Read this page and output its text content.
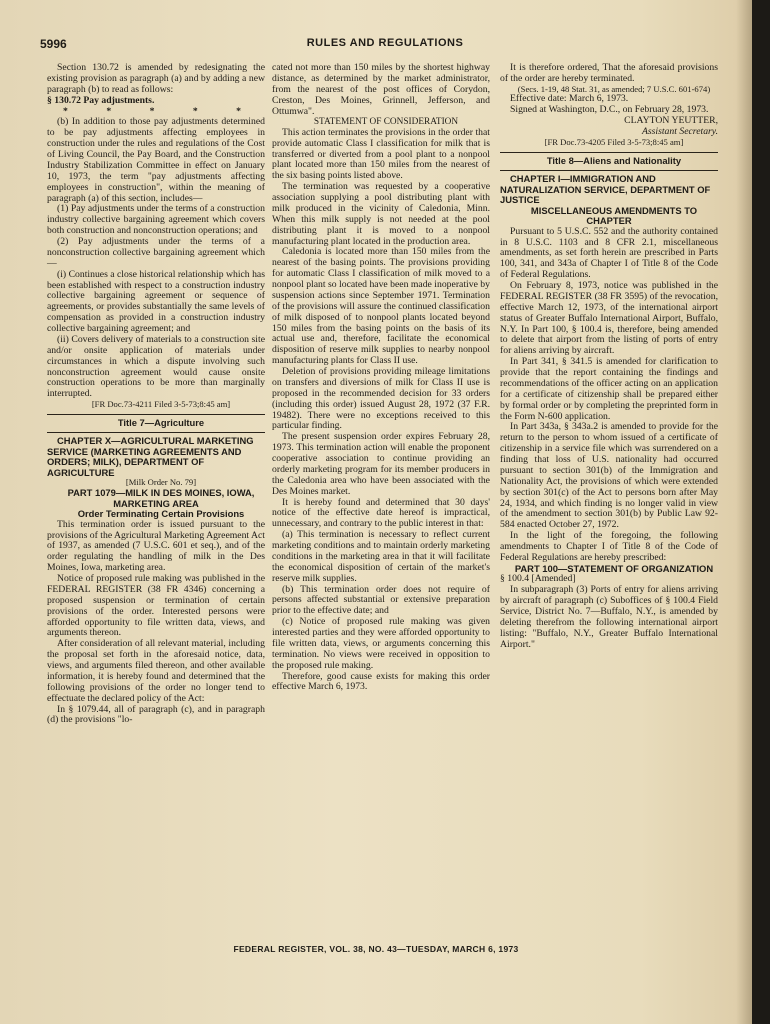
5996	RULES AND REGULATIONS

Section 130.72 is amended by redesignating the existing provision as paragraph (a) and by adding a new paragraph (b) to read as follows:

§ 130.72 Pay adjustments.

* * * * *

(b) In addition to those pay adjustments determined to be pay adjustments affecting employees in construction under the rules and regulations of the Cost of Living Council, the Pay Board, and the Construction Industry Stabilization Committee in effect on January 10, 1973, the term "pay adjustments affecting employees in construction", within the meaning of paragraph (a) of this section, includes—

(1) Pay adjustments under the terms of a construction industry collective bargaining agreement which covers both construction and nonconstruction operations; and

(2) Pay adjustments under the terms of a nonconstruction collective bargaining agreement which—

(i) Continues a close historical relationship which has been established with respect to a construction industry collective bargaining agreement or sequence of agreements, or provides substantially the same levels of compensation as provided in a construction industry collective bargaining agreement; and

(ii) Covers delivery of materials to a construction site and/or onsite application of materials under circumstances in which a dispute involving such nonconstruction agreement would cause onsite construction operations to be more than marginally interrupted.

[FR Doc.73-4211 Filed 3-5-73;8:45 am]

Title 7—Agriculture

CHAPTER X—AGRICULTURAL MARKETING SERVICE (MARKETING AGREEMENTS AND ORDERS; MILK), DEPARTMENT OF AGRICULTURE

[Milk Order No. 79]

PART 1079—MILK IN DES MOINES, IOWA, MARKETING AREA

Order Terminating Certain Provisions

This termination order is issued pursuant to the provisions of the Agricultural Marketing Agreement Act of 1937, as amended (7 U.S.C. 601 et seq.), and of the order regulating the handling of milk in the Des Moines, Iowa, marketing area.

Notice of proposed rule making was published in the FEDERAL REGISTER (38 FR 4346) concerning a proposed suspension or termination of certain provisions of the order. Interested persons were afforded opportunity to file written data, views, and arguments thereon.

After consideration of all relevant material, including the proposal set forth in the aforesaid notice, data, views, and arguments filed thereon, and other available information, it is hereby found and determined that the following provisions of the order no longer tend to effectuate the declared policy of the Act:

In § 1079.44, all of paragraph (c), and in paragraph (d) the provisions "lo-

cated not more than 150 miles by the shortest highway distance, as determined by the market administrator, from the nearest of the post offices of Corydon, Creston, Des Moines, Grinnell, Jefferson, and Ottumwa".

STATEMENT OF CONSIDERATION

This action terminates the provisions in the order that provide automatic Class I classification for milk that is transferred or diverted from a pool plant to a nonpool plant located more than 150 miles from the nearest of the six basing points listed above.

The termination was requested by a cooperative association supplying a pool distributing plant with milk produced in the vicinity of Caledonia, Minn. When this milk supply is not needed at the pool distributing plant it is moved to a nonpool manufacturing plant located in the production area.

Caledonia is located more than 150 miles from the nearest of the basing points. The provisions providing for automatic Class I classification of milk moved to a nonpool plant so located have been made inoperative by suspension actions since September 1971. Termination of the provisions will assure the continued classification of milk disposed of to nonpool plants located beyond 150 miles from the basing points on the basis of its actual use and, therefore, facilitate the economical disposition of reserve milk supplies to nearby nonpool manufacturing plants for Class II use.

Deletion of provisions providing mileage limitations on transfers and diversions of milk for Class II use is proposed in the recommended decision for 33 orders (including this order) issued August 28, 1972 (37 F.R. 19482). There were no exceptions received to this particular finding.

The present suspension order expires February 28, 1973. This termination action will enable the proponent cooperative association to continue providing an orderly marketing program for its member producers in the Caledonia area who have been associated with the Des Moines market.

It is hereby found and determined that 30 days' notice of the effective date hereof is impractical, unnecessary, and contrary to the public interest in that:

(a) This termination is necessary to reflect current marketing conditions and to maintain orderly marketing conditions in the marketing area in that it will facilitate the economical disposition of certain of the market's reserve milk supplies.

(b) This termination order does not require of persons affected substantial or extensive preparation prior to the effective date; and

(c) Notice of proposed rule making was given interested parties and they were afforded opportunity to file written data, views, or arguments concerning this termination. No views were received in opposition to the proposed rule making.

Therefore, good cause exists for making this order effective March 6, 1973.

It is therefore ordered, That the aforesaid provisions of the order are hereby terminated.

(Secs. 1-19, 48 Stat. 31, as amended; 7 U.S.C. 601-674)

Effective date: March 6, 1973.

Signed at Washington, D.C., on February 28, 1973.

CLAYTON YEUTTER,

Assistant Secretary.

[FR Doc.73-4205 Filed 3-5-73;8:45 am]

Title 8—Aliens and Nationality

CHAPTER I—IMMIGRATION AND NATURALIZATION SERVICE, DEPARTMENT OF JUSTICE

MISCELLANEOUS AMENDMENTS TO CHAPTER

Pursuant to 5 U.S.C. 552 and the authority contained in 8 U.S.C. 1103 and 8 CFR 2.1, miscellaneous amendments, as set forth herein are prescribed in Parts 100, 341, and 343a of Chapter I of Title 8 of the Code of Federal Regulations.

On February 8, 1973, notice was published in the FEDERAL REGISTER (38 FR 3595) of the revocation, effective March 12, 1973, of the international airport status of Greater Buffalo International Airport, Buffalo, N.Y. In Part 100, § 100.4 is, therefore, being amended to delete that airport from the listing of ports of entry for aliens arriving by aircraft.

In Part 341, § 341.5 is amended for clarification to provide that the report containing the findings and recommendations of the officer acting on an application for a certificate of citizenship shall be prepared either by formal order or by completing the preprinted form in the Form N-600 application.

In Part 343a, § 343a.2 is amended to provide for the return to the person to whom issued of a certificate of citizenship in a service file which was surrendered on a finding that loss of U.S. nationality had occurred pursuant to section 301(b) of the Immigration and Nationality Act, the provisions of which were extended by section 301(c) of the Act to persons born after May 24, 1934, and which finding is no longer valid in view of the amendment to section 301(b) by Public Law 92-584 enacted October 27, 1972.

In the light of the foregoing, the following amendments to Chapter I of Title 8 of the Code of Federal Regulations are hereby prescribed:

PART 100—STATEMENT OF ORGANIZATION

§ 100.4 [Amended]

In subparagraph (3) Ports of entry for aliens arriving by aircraft of paragraph (c) Suboffices of § 100.4 Field Service, District No. 7—Buffalo, N.Y., is amended by deleting therefrom the following international airport listing: "Buffalo, N.Y., Greater Buffalo International Airport."

FEDERAL REGISTER, VOL. 38, NO. 43—TUESDAY, MARCH 6, 1973
